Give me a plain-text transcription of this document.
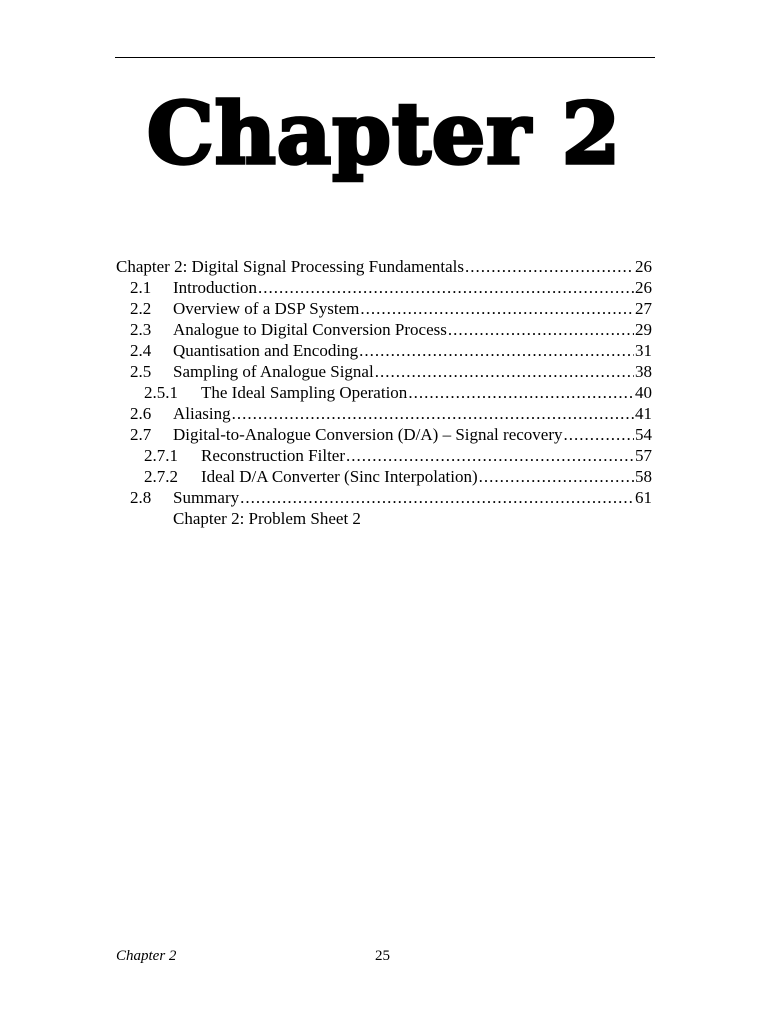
Chapter 2
Chapter 2: Digital Signal Processing Fundamentals .....	26
2.1	Introduction .....	26
2.2	Overview of a DSP System .....	27
2.3	Analogue to Digital Conversion Process .....	29
2.4	Quantisation and Encoding .....	31
2.5	Sampling of Analogue Signal .....	38
2.5.1	The Ideal Sampling Operation .....	40
2.6	Aliasing .....	41
2.7	Digital-to-Analogue Conversion (D/A) – Signal recovery .....	54
2.7.1	Reconstruction Filter .....	57
2.7.2	Ideal D/A Converter (Sinc Interpolation) .....	58
2.8	Summary .....	61
Chapter 2: Problem Sheet 2
Chapter 2	25
